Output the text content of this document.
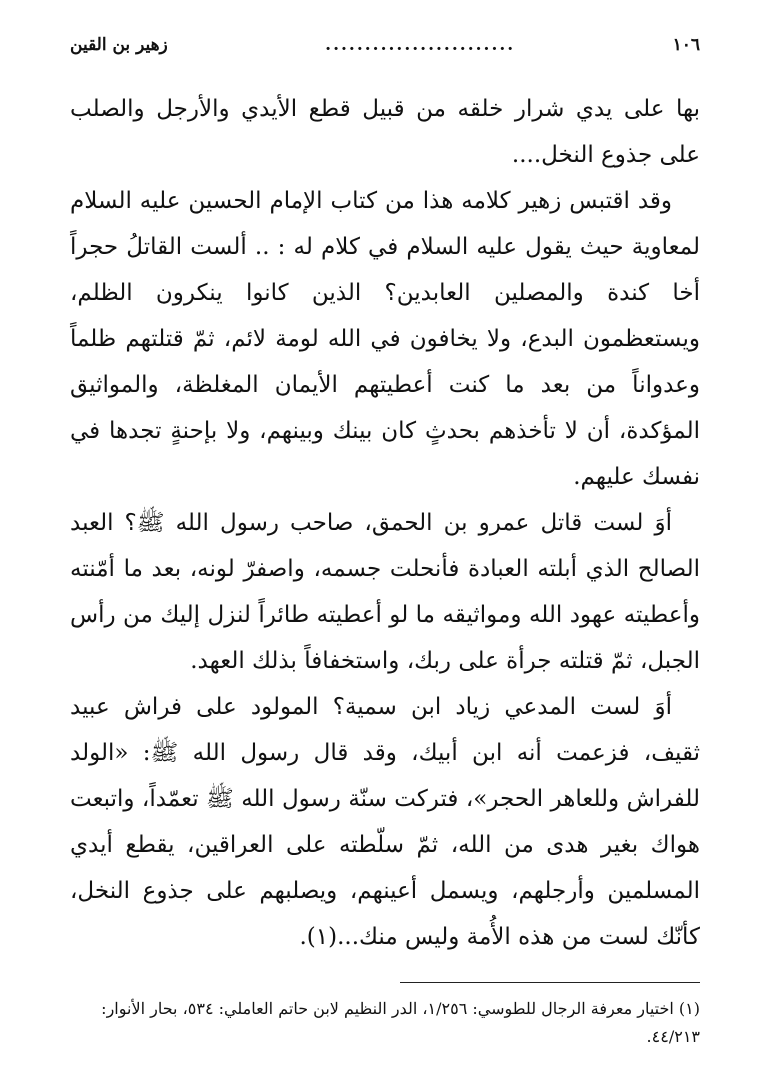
١٠٦
........................
زهير بن القين

بها على يدي شرار خلقه من قبيل قطع الأيدي والأرجل والصلب على جذوع النخل....

وقد اقتبس زهير كلامه هذا من كتاب الإمام الحسين عليه السلام لمعاوية حيث يقول عليه السلام في كلام له : .. ألست القاتلُ حجراً أخا كندة والمصلين العابدين؟ الذين كانوا ينكرون الظلم، ويستعظمون البدع، ولا يخافون في الله لومة لائم، ثمّ قتلتهم ظلماً وعدواناً من بعد ما كنت أعطيتهم الأيمان المغلظة، والمواثيق المؤكدة، أن لا تأخذهم بحدثٍ كان بينك وبينهم، ولا بإحنةٍ تجدها في نفسك عليهم.

أوَ لست قاتل عمرو بن الحمق، صاحب رسول الله ﷺ؟ العبد الصالح الذي أبلته العبادة فأنحلت جسمه، واصفرّ لونه، بعد ما أمّنته وأعطيته عهود الله ومواثيقه ما لو أعطيته طائراً لنزل إليك من رأس الجبل، ثمّ قتلته جرأة على ربك، واستخفافاً بذلك العهد.

أوَ لست المدعي زياد ابن سمية؟ المولود على فراش عبيد ثقيف، فزعمت أنه ابن أبيك، وقد قال رسول الله ﷺ: «الولد للفراش وللعاهر الحجر»، فتركت سنّة رسول الله ﷺ تعمّداً، واتبعت هواك بغير هدى من الله، ثمّ سلّطته على العراقين، يقطع أيدي المسلمين وأرجلهم، ويسمل أعينهم، ويصلبهم على جذوع النخل، كأنّك لست من هذه الأُمة وليس منك...(١).

(١) اختيار معرفة الرجال للطوسي: ١/٢٥٦، الدر النظيم لابن حاتم العاملي: ٥٣٤، بحار الأنوار: ٤٤/٢١٣.
